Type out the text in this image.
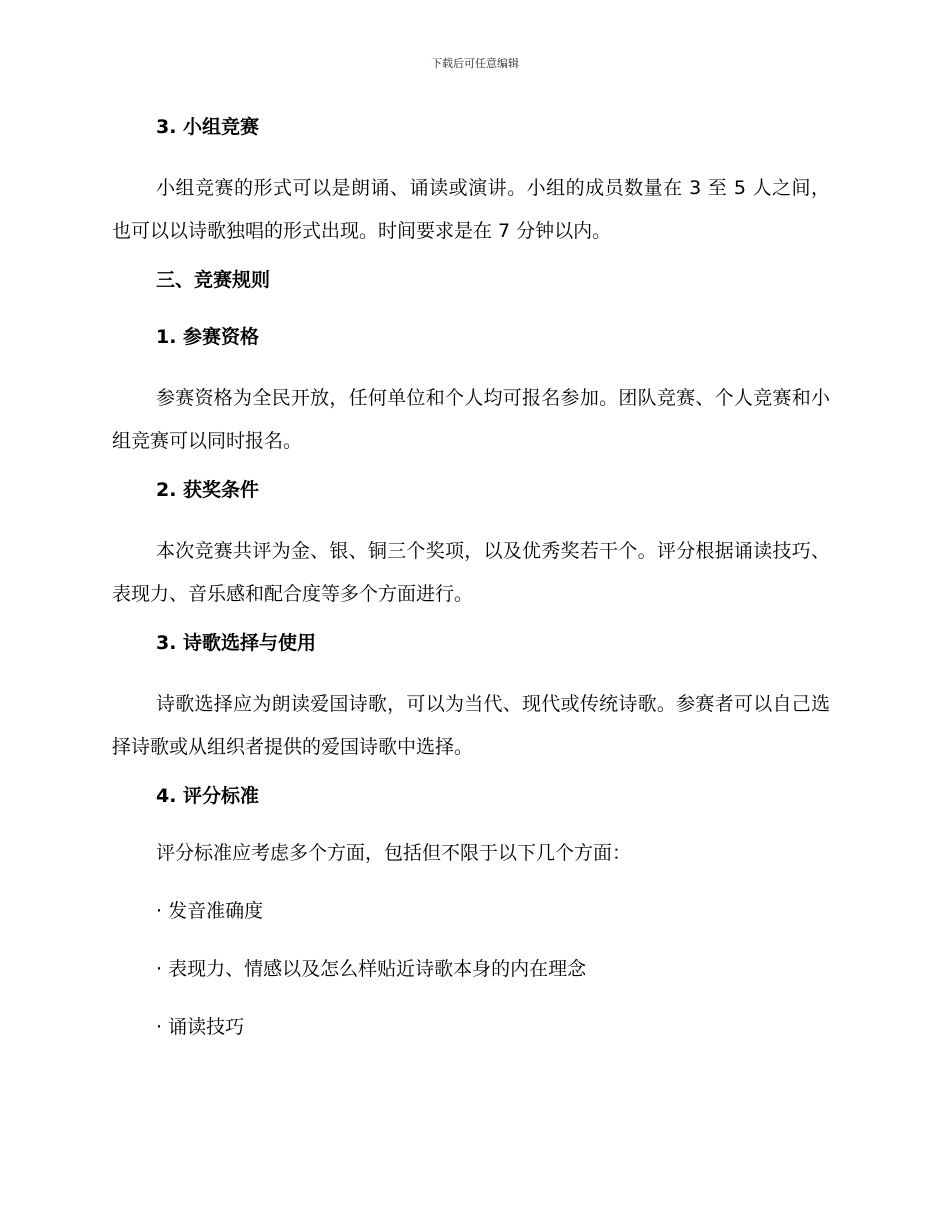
下载后可任意编辑
3. 小组竞赛
小组竞赛的形式可以是朗诵、诵读或演讲。小组的成员数量在 3 至 5 人之间，也可以以诗歌独唱的形式出现。时间要求是在 7 分钟以内。
三、竞赛规则
1. 参赛资格
参赛资格为全民开放，任何单位和个人均可报名参加。团队竞赛、个人竞赛和小组竞赛可以同时报名。
2. 获奖条件
本次竞赛共评为金、银、铜三个奖项，以及优秀奖若干个。评分根据诵读技巧、表现力、音乐感和配合度等多个方面进行。
3. 诗歌选择与使用
诗歌选择应为朗读爱国诗歌，可以为当代、现代或传统诗歌。参赛者可以自己选择诗歌或从组织者提供的爱国诗歌中选择。
4. 评分标准
评分标准应考虑多个方面，包括但不限于以下几个方面：
· 发音准确度
· 表现力、情感以及怎么样贴近诗歌本身的内在理念
· 诵读技巧
